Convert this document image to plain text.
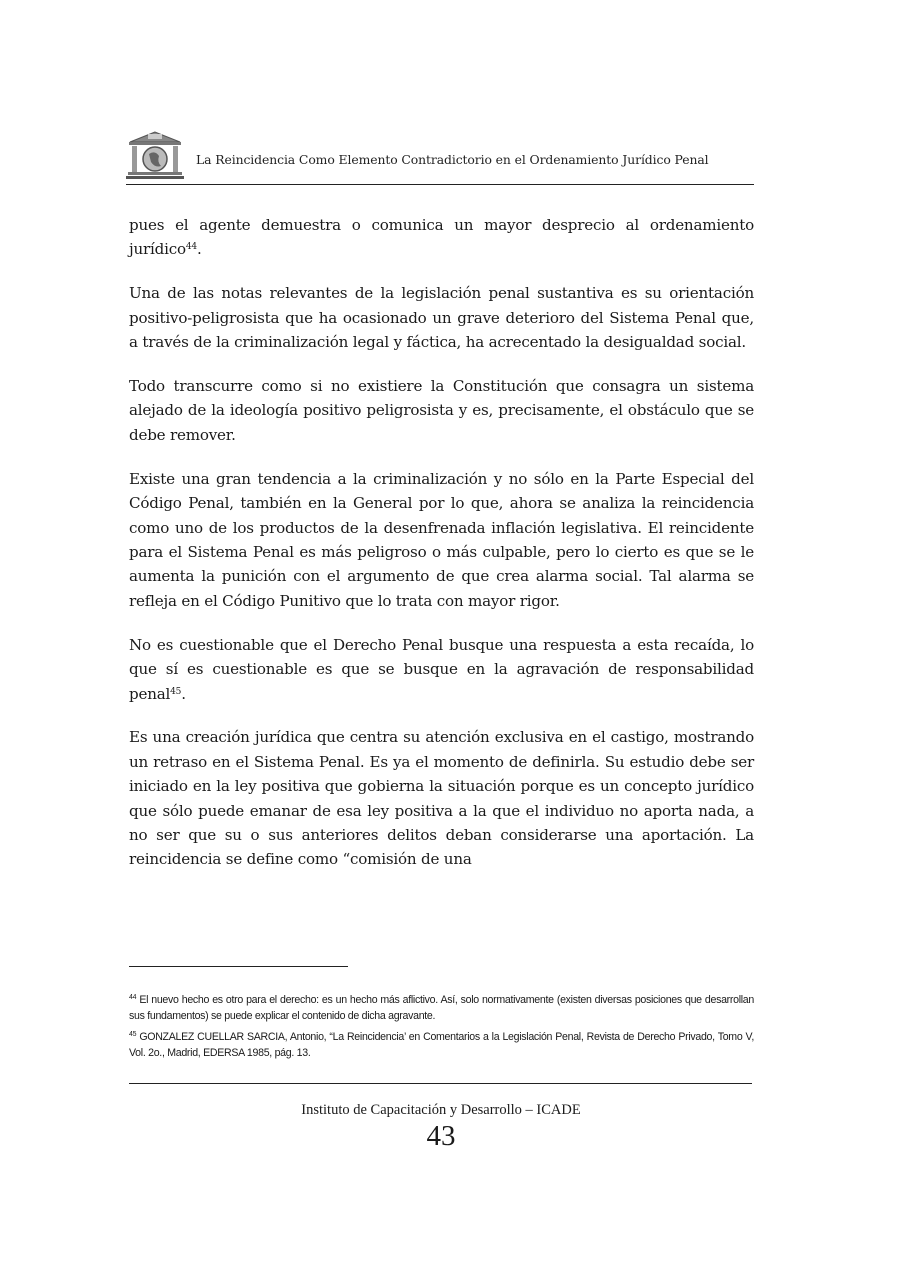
La Reincidencia Como Elemento Contradictorio en el Ordenamiento Jurídico Penal

pues el agente demuestra o comunica un mayor desprecio al ordenamiento jurídico$^{44}$.

Una de las notas relevantes de la legislación penal sustantiva es su orientación positivo-peligrosista que ha ocasionado un grave deterioro del Sistema Penal que, a través de la criminalización legal y fáctica, ha acrecentado la desigualdad social.

Todo transcurre como si no existiere la Constitución que consagra un sistema alejado de la ideología positivo peligrosista y es, precisamente, el obstáculo que se debe remover.

Existe una gran tendencia a la criminalización y no sólo en la Parte Especial del Código Penal, también en la General por lo que, ahora se analiza la reincidencia como uno de los productos de la desenfrenada inflación legislativa. El reincidente para el Sistema Penal es más peligroso o más culpable, pero lo cierto es que se le aumenta la punición con el argumento de que crea alarma social. Tal alarma se refleja en el Código Punitivo que lo trata con mayor rigor.

No es cuestionable que el Derecho Penal busque una respuesta a esta recaída, lo que sí es cuestionable es que se busque en la agravación de responsabilidad penal$^{45}$.

Es una creación jurídica que centra su atención exclusiva en el castigo, mostrando un retraso en el Sistema Penal. Es ya el momento de definirla. Su estudio debe ser iniciado en la ley positiva que gobierna la situación porque es un concepto jurídico que sólo puede emanar de esa ley positiva a la que el individuo no aporta nada, a no ser que su o sus anteriores delitos deban considerarse una aportación. La reincidencia se define como “comisión de una

$^{44}$ El nuevo hecho es otro para el derecho: es un hecho más aflictivo. Así, solo normativamente (existen diversas posiciones que desarrollan sus fundamentos) se puede explicar el contenido de dicha agravante.

$^{45}$ GONZALEZ CUELLAR SARCIA, Antonio, “La Reincidencia’ en Comentarios a la Legislación Penal, Revista de Derecho Privado, Tomo V, Vol. 2o., Madrid, EDERSA 1985, pág. 13.

Instituto de Capacitación y Desarrollo – ICADE
43
